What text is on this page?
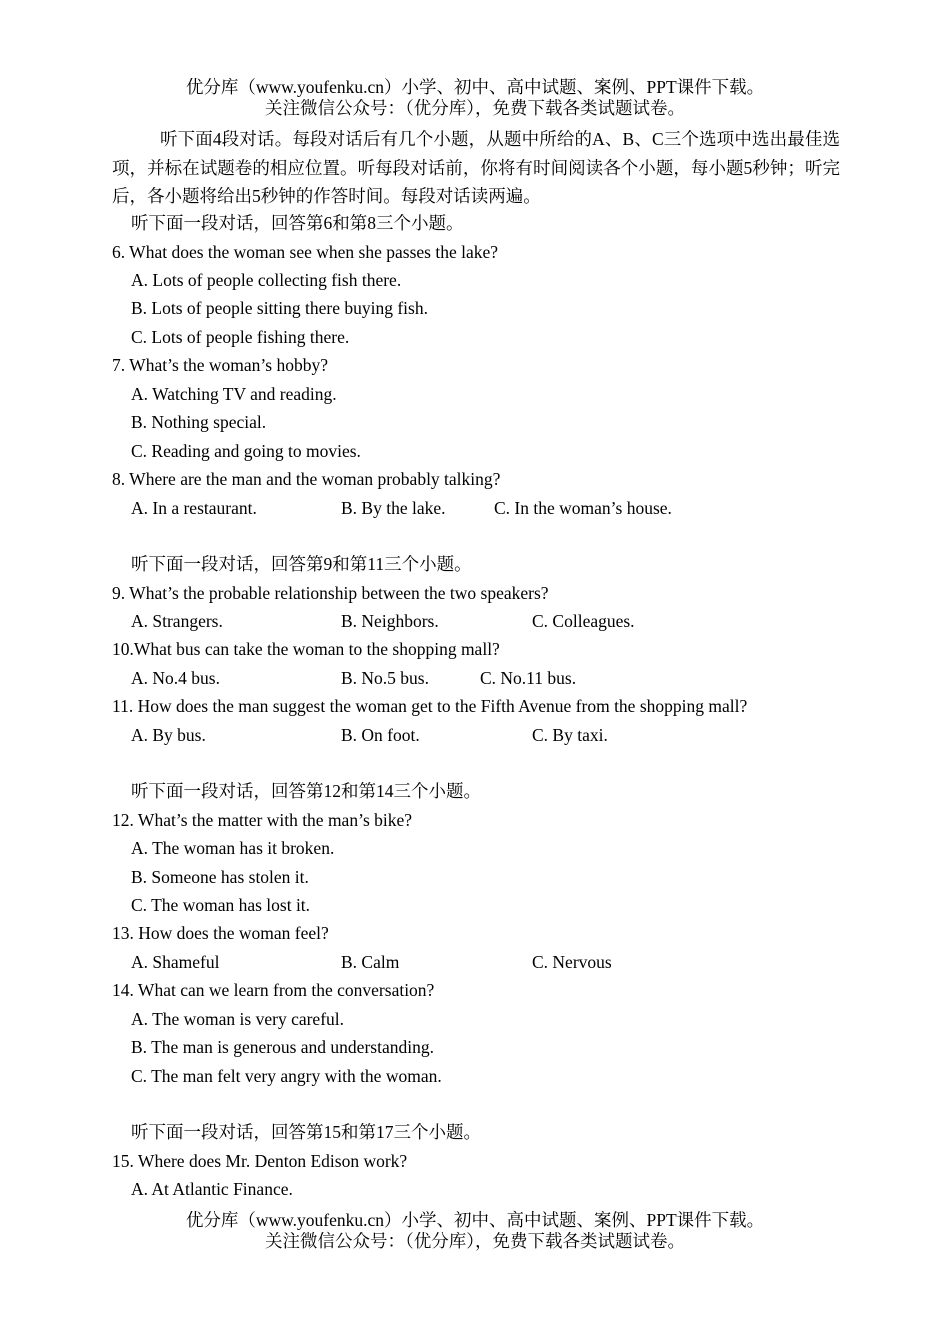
优分库（www.youfenku.cn）小学、初中、高中试题、案例、PPT课件下载。
关注微信公众号：（优分库），免费下载各类试题试卷。
听下面4段对话。每段对话后有几个小题，从题中所给的A、B、C三个选项中选出最佳选项，并标在试题卷的相应位置。听每段对话前，你将有时间阅读各个小题，每小题5秒钟；听完后，各小题将给出5秒钟的作答时间。每段对话读两遍。
听下面一段对话，回答第6和第8三个小题。
6. What does the woman see when she passes the lake?
A. Lots of people collecting fish there.
B. Lots of people sitting there buying fish.
C. Lots of people fishing there.
7. What’s the woman’s hobby?
A. Watching TV and reading.
B. Nothing special.
C. Reading and going to movies.
8. Where are the man and the woman probably talking?
A. In a restaurant.	B. By the lake.	C. In the woman’s house.
听下面一段对话，回答第9和第11三个小题。
9. What’s the probable relationship between the two speakers?
A. Strangers.	B. Neighbors.	C. Colleagues.
10.What bus can take the woman to the shopping mall?
A. No.4 bus.	B. No.5 bus.	C. No.11 bus.
11. How does the man suggest the woman get to the Fifth Avenue from the shopping mall?
A. By bus.	B. On foot.	C. By taxi.
听下面一段对话，回答第12和第14三个小题。
12. What’s the matter with the man’s bike?
A. The woman has it broken.
B. Someone has stolen it.
C. The woman has lost it.
13. How does the woman feel?
A. Shameful	B. Calm	C. Nervous
14. What can we learn from the conversation?
A. The woman is very careful.
B. The man is generous and understanding.
C. The man felt very angry with the woman.
听下面一段对话，回答第15和第17三个小题。
15. Where does Mr. Denton Edison work?
A. At Atlantic Finance.
优分库（www.youfenku.cn）小学、初中、高中试题、案例、PPT课件下载。
关注微信公众号：（优分库），免费下载各类试题试卷。
